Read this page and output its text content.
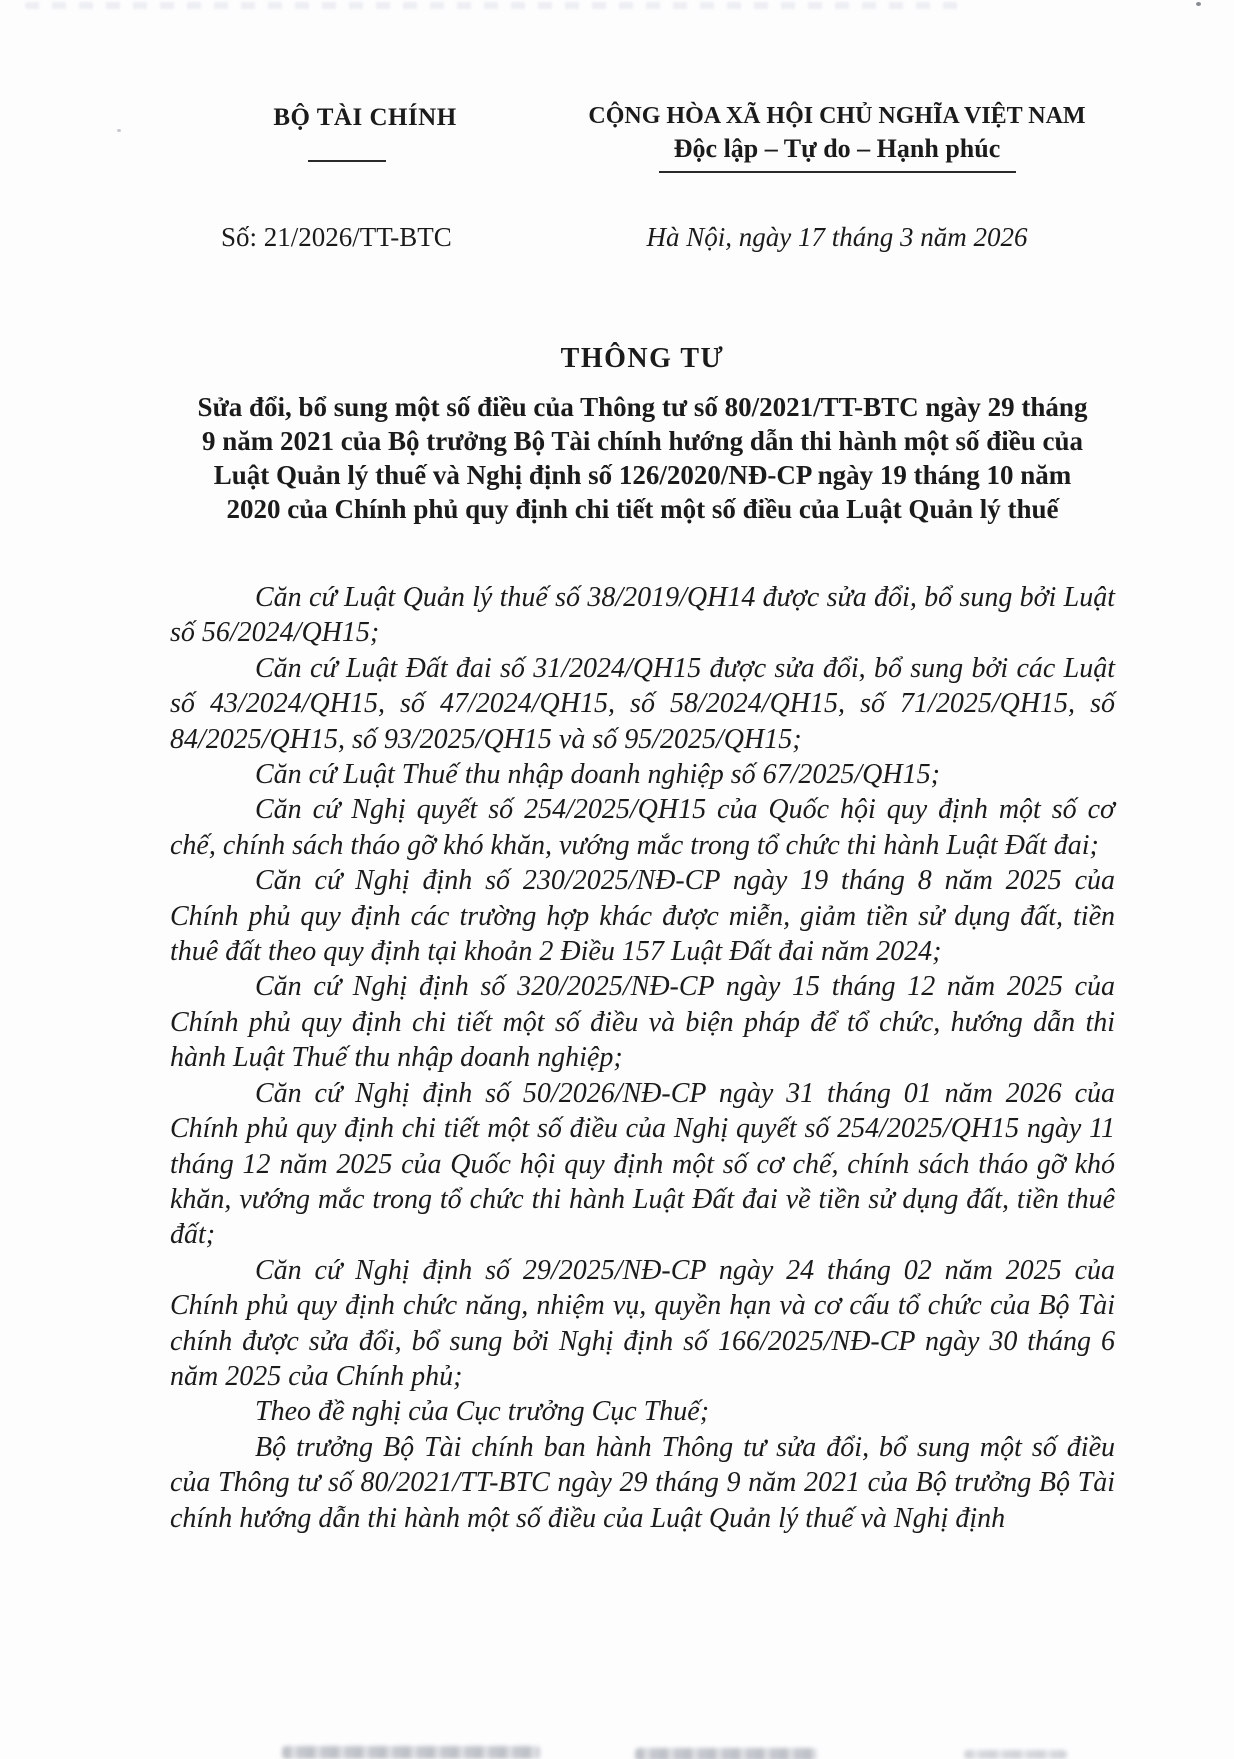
BỘ TÀI CHÍNH
Số: 21/2026/TT-BTC
CỘNG HÒA XÃ HỘI CHỦ NGHĨA VIỆT NAM
Độc lập – Tự do – Hạnh phúc
Hà Nội, ngày 17 tháng 3 năm 2026
THÔNG TƯ
Sửa đổi, bổ sung một số điều của Thông tư số 80/2021/TT-BTC ngày 29 tháng 9 năm 2021 của Bộ trưởng Bộ Tài chính hướng dẫn thi hành một số điều của Luật Quản lý thuế và Nghị định số 126/2020/NĐ-CP ngày 19 tháng 10 năm 2020 của Chính phủ quy định chi tiết một số điều của Luật Quản lý thuế

Căn cứ Luật Quản lý thuế số 38/2019/QH14 được sửa đổi, bổ sung bởi Luật số 56/2024/QH15;

Căn cứ Luật Đất đai số 31/2024/QH15 được sửa đổi, bổ sung bởi các Luật số 43/2024/QH15, số 47/2024/QH15, số 58/2024/QH15, số 71/2025/QH15, số 84/2025/QH15, số 93/2025/QH15 và số 95/2025/QH15;

Căn cứ Luật Thuế thu nhập doanh nghiệp số 67/2025/QH15;

Căn cứ Nghị quyết số 254/2025/QH15 của Quốc hội quy định một số cơ chế, chính sách tháo gỡ khó khăn, vướng mắc trong tổ chức thi hành Luật Đất đai;

Căn cứ Nghị định số 230/2025/NĐ-CP ngày 19 tháng 8 năm 2025 của Chính phủ quy định các trường hợp khác được miễn, giảm tiền sử dụng đất, tiền thuê đất theo quy định tại khoản 2 Điều 157 Luật Đất đai năm 2024;

Căn cứ Nghị định số 320/2025/NĐ-CP ngày 15 tháng 12 năm 2025 của Chính phủ quy định chi tiết một số điều và biện pháp để tổ chức, hướng dẫn thi hành Luật Thuế thu nhập doanh nghiệp;

Căn cứ Nghị định số 50/2026/NĐ-CP ngày 31 tháng 01 năm 2026 của Chính phủ quy định chi tiết một số điều của Nghị quyết số 254/2025/QH15 ngày 11 tháng 12 năm 2025 của Quốc hội quy định một số cơ chế, chính sách tháo gỡ khó khăn, vướng mắc trong tổ chức thi hành Luật Đất đai về tiền sử dụng đất, tiền thuê đất;

Căn cứ Nghị định số 29/2025/NĐ-CP ngày 24 tháng 02 năm 2025 của Chính phủ quy định chức năng, nhiệm vụ, quyền hạn và cơ cấu tổ chức của Bộ Tài chính được sửa đổi, bổ sung bởi Nghị định số 166/2025/NĐ-CP ngày 30 tháng 6 năm 2025 của Chính phủ;

Theo đề nghị của Cục trưởng Cục Thuế;

Bộ trưởng Bộ Tài chính ban hành Thông tư sửa đổi, bổ sung một số điều của Thông tư số 80/2021/TT-BTC ngày 29 tháng 9 năm 2021 của Bộ trưởng Bộ Tài chính hướng dẫn thi hành một số điều của Luật Quản lý thuế và Nghị định
